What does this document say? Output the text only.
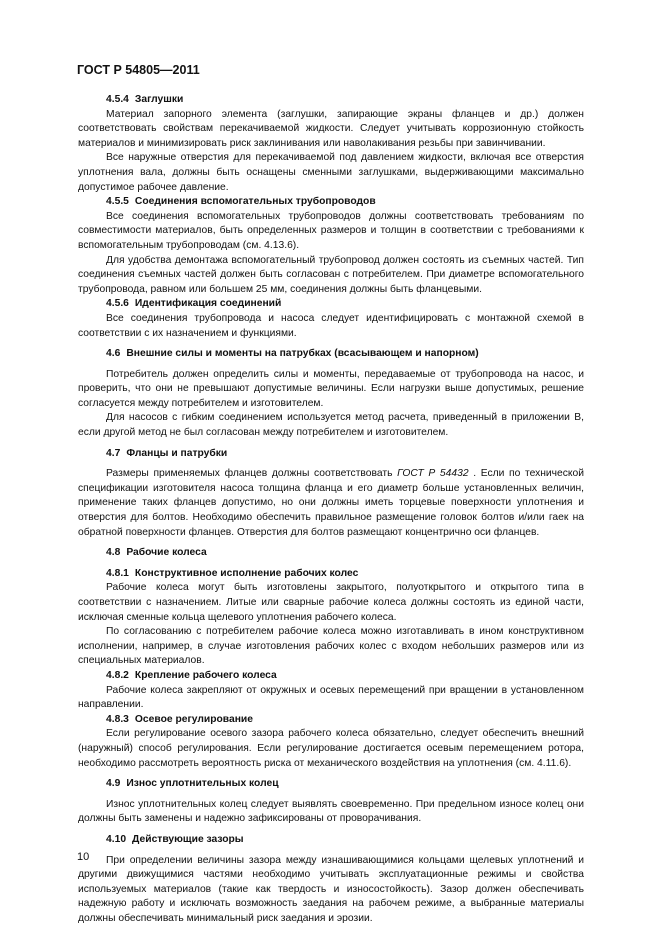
ГОСТ Р 54805—2011
4.5.4 Заглушки
Материал запорного элемента (заглушки, запирающие экраны фланцев и др.) должен соответствовать свойствам перекачиваемой жидкости. Следует учитывать коррозионную стойкость материалов и минимизировать риск заклинивания или наволакивания резьбы при завинчивании.
Все наружные отверстия для перекачиваемой под давлением жидкости, включая все отверстия уплотнения вала, должны быть оснащены сменными заглушками, выдерживающими максимально допустимое рабочее давление.
4.5.5 Соединения вспомогательных трубопроводов
Все соединения вспомогательных трубопроводов должны соответствовать требованиям по совместимости материалов, быть определенных размеров и толщин в соответствии с требованиями к вспомогательным трубопроводам (см. 4.13.6).
Для удобства демонтажа вспомогательный трубопровод должен состоять из съемных частей. Тип соединения съемных частей должен быть согласован с потребителем. При диаметре вспомогательного трубопровода, равном или большем 25 мм, соединения должны быть фланцевыми.
4.5.6 Идентификация соединений
Все соединения трубопровода и насоса следует идентифицировать с монтажной схемой в соответствии с их назначением и функциями.
4.6 Внешние силы и моменты на патрубках (всасывающем и напорном)
Потребитель должен определить силы и моменты, передаваемые от трубопровода на насос, и проверить, что они не превышают допустимые величины. Если нагрузки выше допустимых, решение согласуется между потребителем и изготовителем.
Для насосов с гибким соединением используется метод расчета, приведенный в приложении В, если другой метод не был согласован между потребителем и изготовителем.
4.7 Фланцы и патрубки
Размеры применяемых фланцев должны соответствовать ГОСТ Р 54432 . Если по технической спецификации изготовителя насоса толщина фланца и его диаметр больше установленных величин, применение таких фланцев допустимо, но они должны иметь торцевые поверхности уплотнения и отверстия для болтов. Необходимо обеспечить правильное размещение головок болтов и/или гаек на обратной поверхности фланцев. Отверстия для болтов размещают концентрично оси фланцев.
4.8 Рабочие колеса
4.8.1 Конструктивное исполнение рабочих колес
Рабочие колеса могут быть изготовлены закрытого, полуоткрытого и открытого типа в соответствии с назначением. Литые или сварные рабочие колеса должны состоять из единой части, исключая сменные кольца щелевого уплотнения рабочего колеса.
По согласованию с потребителем рабочие колеса можно изготавливать в ином конструктивном исполнении, например, в случае изготовления рабочих колес с входом небольших размеров или из специальных материалов.
4.8.2 Крепление рабочего колеса
Рабочие колеса закрепляют от окружных и осевых перемещений при вращении в установленном направлении.
4.8.3 Осевое регулирование
Если регулирование осевого зазора рабочего колеса обязательно, следует обеспечить внешний (наружный) способ регулирования. Если регулирование достигается осевым перемещением ротора, необходимо рассмотреть вероятность риска от механического воздействия на уплотнения (см. 4.11.6).
4.9 Износ уплотнительных колец
Износ уплотнительных колец следует выявлять своевременно. При предельном износе колец они должны быть заменены и надежно зафиксированы от проворачивания.
4.10 Действующие зазоры
При определении величины зазора между изнашивающимися кольцами щелевых уплотнений и другими движущимися частями необходимо учитывать эксплуатационные режимы и свойства используемых материалов (такие как твердость и износостойкость). Зазор должен обеспечивать надежную работу и исключать возможность заедания на рабочем режиме, а выбранные материалы должны обеспечивать минимальный риск заедания и эрозии.
10
